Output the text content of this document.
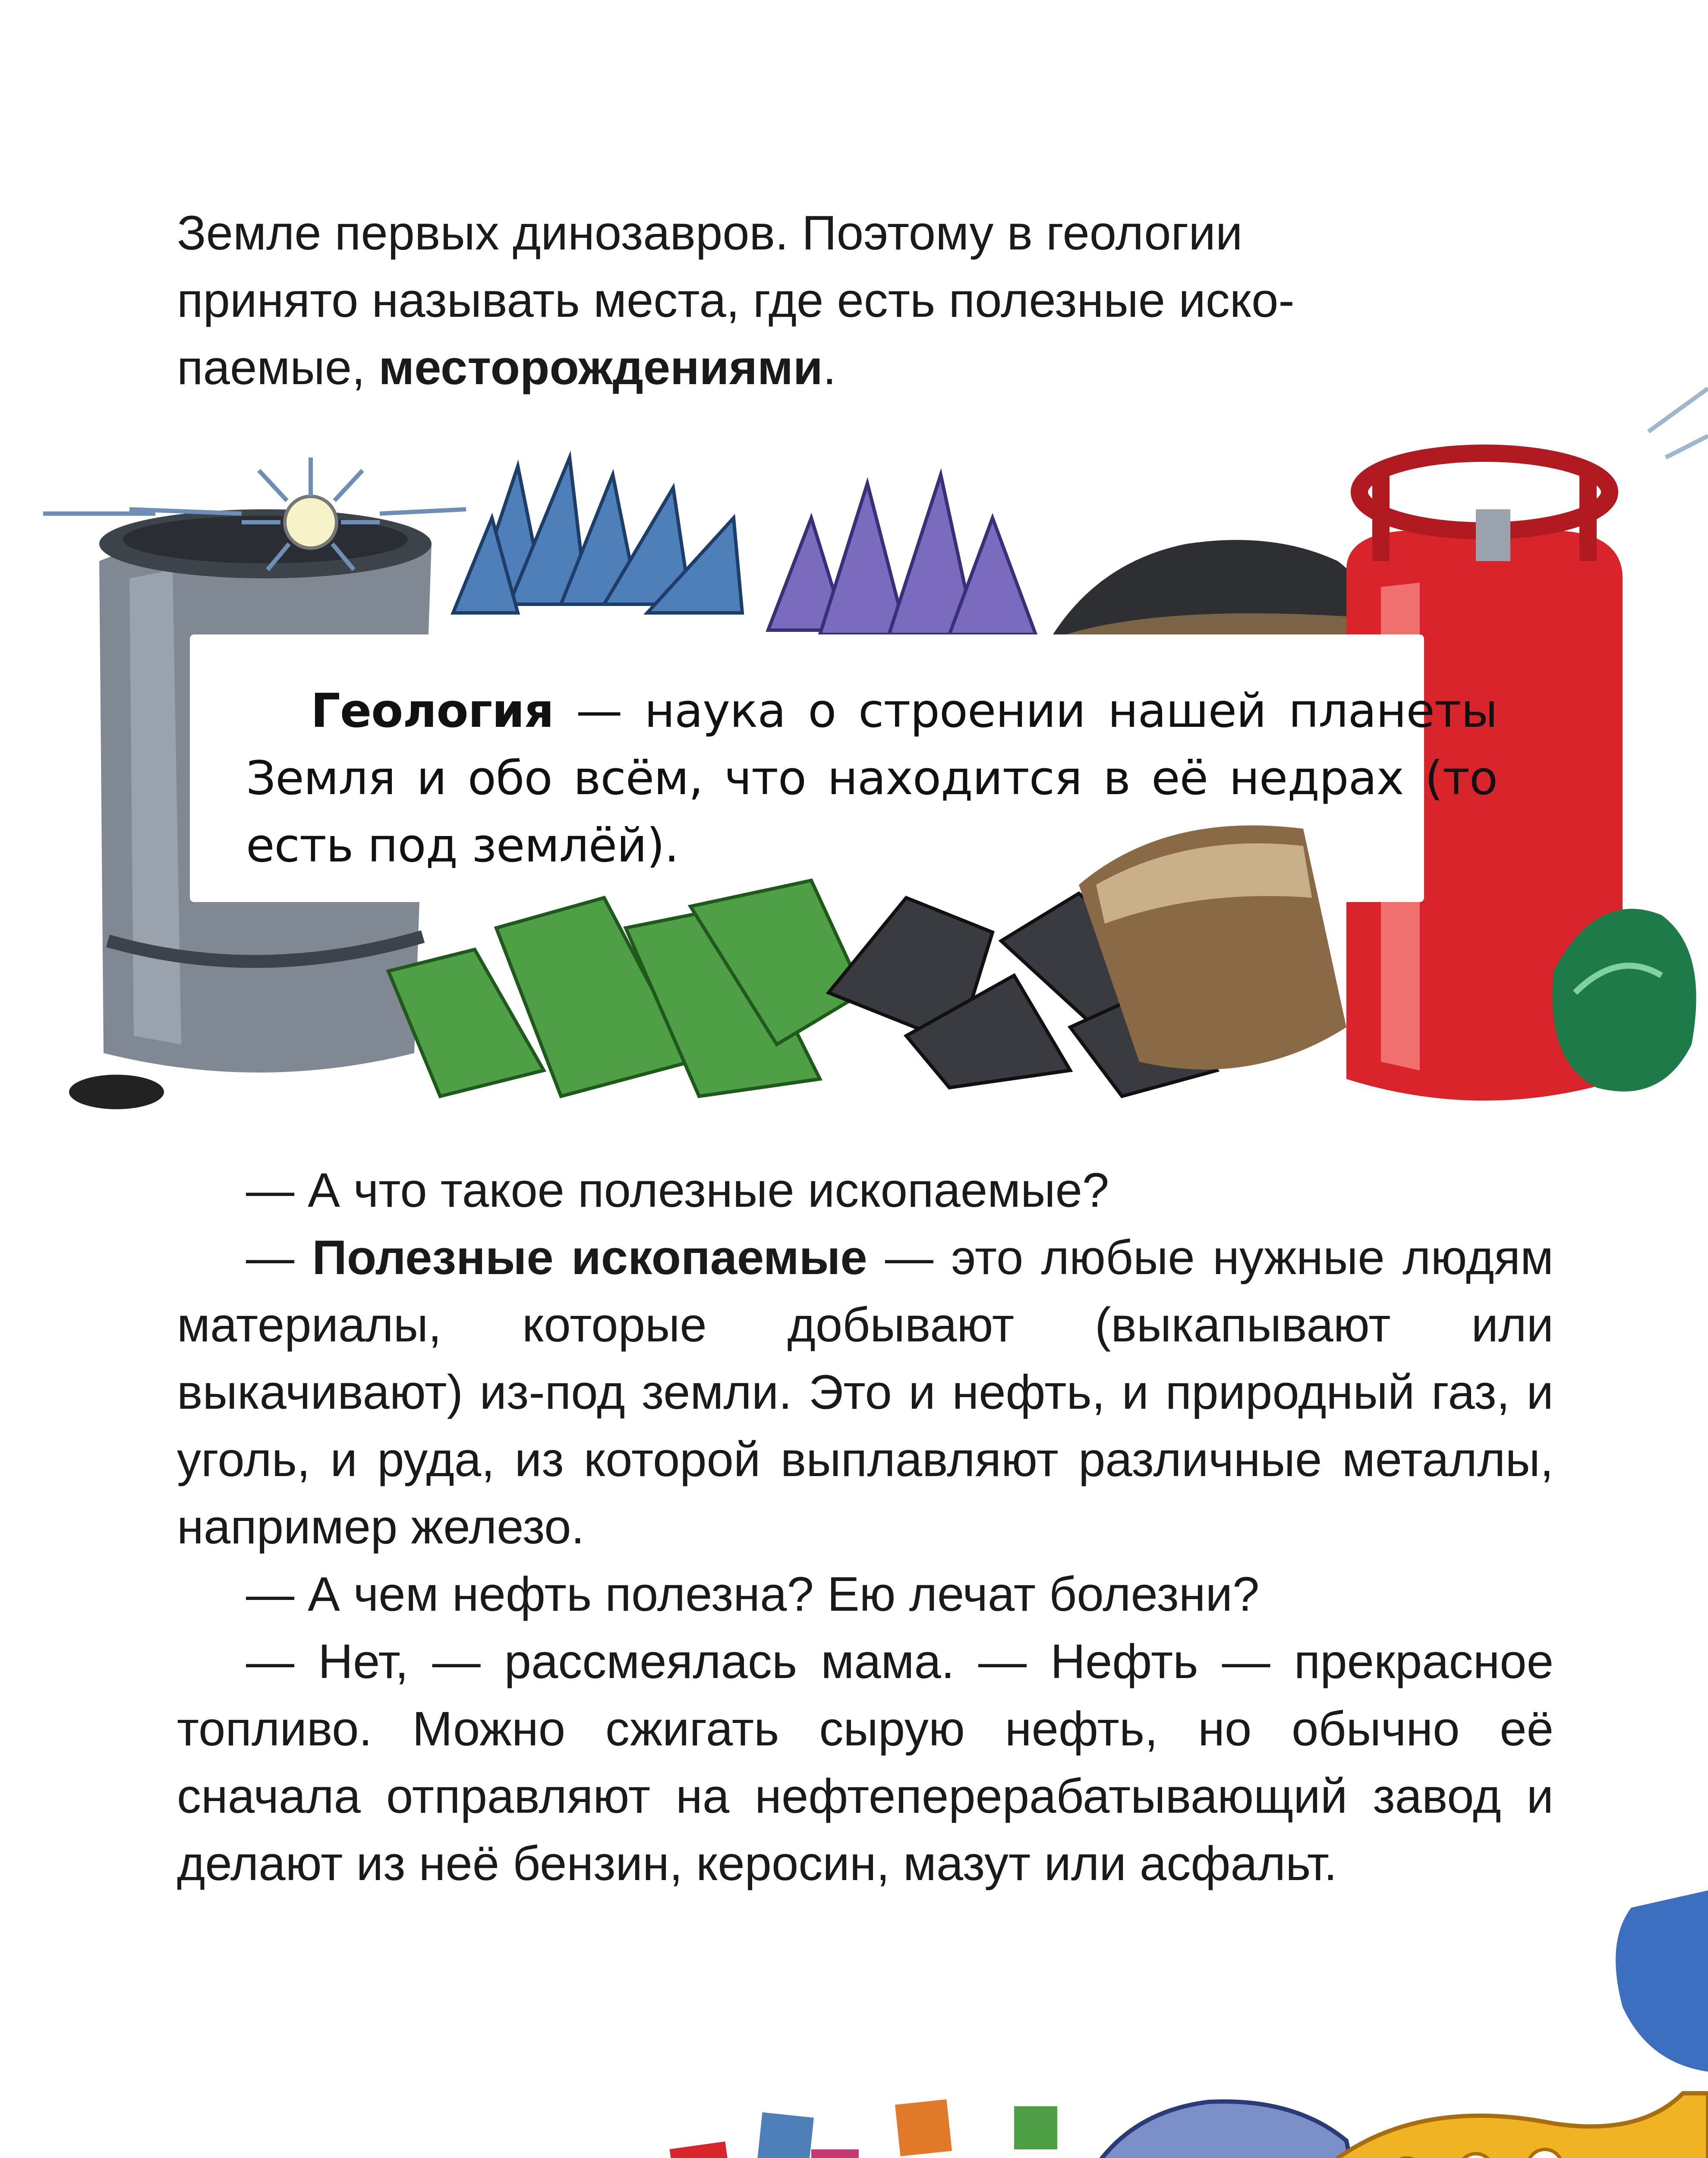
Земле первых динозавров. Поэтому в геологии

принято называть места, где есть полезные иско-

паемые, месторождениями.

Геология — наука о строении нашей планеты Земля и обо всём, что находится в её недрах (то есть под землёй).

— А что такое полезные ископаемые?

— Полезные ископаемые — это любые нужные людям материалы, которые добывают (выкапывают или выкачивают) из-под земли. Это и нефть, и природный газ, и уголь, и руда, из которой выплавляют различные металлы, например железо.

— А чем нефть полезна? Ею лечат болезни?

— Нет, — рассмеялась мама. — Нефть — прекрасное топливо. Можно сжигать сырую нефть, но обычно её сначала отправляют на нефтеперерабатывающий завод и делают из неё бензин, керосин, мазут или асфальт.
